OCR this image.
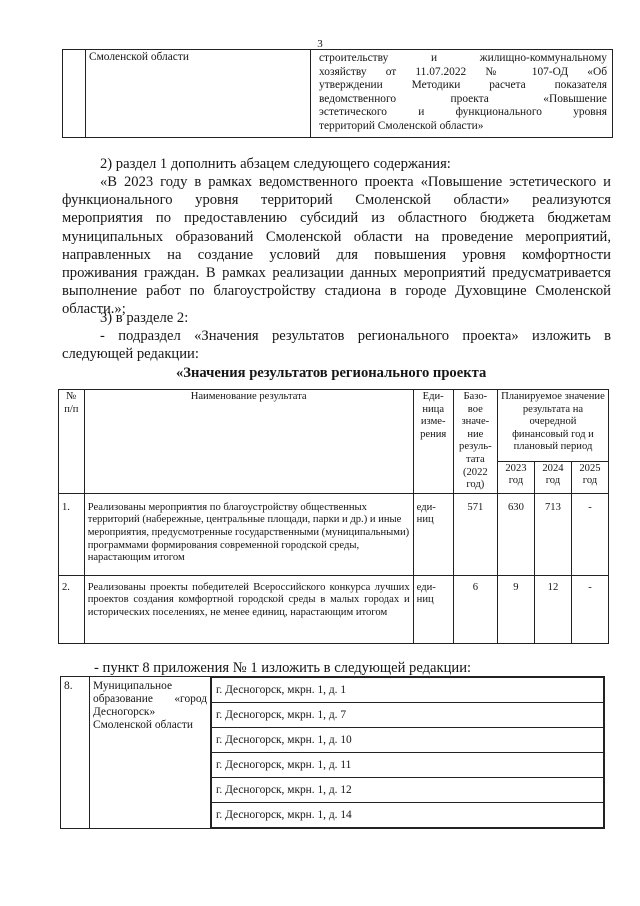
3
	Смоленской области	строительству и жилищно-коммунальному
хозяйству от 11.07.2022 № 107-ОД «Об
утверждении Методики расчета показателя
ведомственного проекта «Повышение
эстетического и функционального уровня
территорий Смоленской области»
2) раздел 1 дополнить абзацем следующего содержания:
«В 2023 году в рамках ведомственного проекта «Повышение эстетического и
функционального уровня территорий Смоленской области» реализуются
мероприятия по предоставлению субсидий из областного бюджета бюджетам
муниципальных образований Смоленской области на проведение мероприятий,
направленных на создание условий для повышения уровня комфортности
проживания граждан. В рамках реализации данных мероприятий предусматривается
выполнение работ по благоустройству стадиона в городе Духовщине Смоленской
области.»;
3) в разделе 2:
- подраздел «Значения результатов регионального проекта» изложить в
следующей редакции:
«Значения результатов регионального проекта
№ п/п	Наименование результата	Еди-ница изме-рения	Базо-вое значе-ние резуль-тата (2022 год)	Планируемое значение результата на очередной финансовый год и плановый период		
				2023 год	2024 год	2025 год
1.	Реализованы мероприятия по благоустройству общественных территорий (набережные, центральные площади, парки и др.) и иные мероприятия, предусмотренные государственными (муниципальными) программами формирования современной городской среды, нарастающим итогом	еди-ниц	571	630	713	-
2.	Реализованы проекты победителей Всероссийского конкурса лучших проектов создания комфортной городской среды в малых городах и исторических поселениях, не менее единиц, нарастающим итогом	еди-ниц	6	9	12	-
- пункт 8 приложения № 1 изложить в следующей редакции:
8.	Муниципальное
образование «город
Десногорск»
Смоленской области

г. Десногорск, мкрн. 1, д. 1
г. Десногорск, мкрн. 1, д. 7
г. Десногорск, мкрн. 1, д. 10
г. Десногорск, мкрн. 1, д. 11
г. Десногорск, мкрн. 1, д. 12
г. Десногорск, мкрн. 1, д. 14
